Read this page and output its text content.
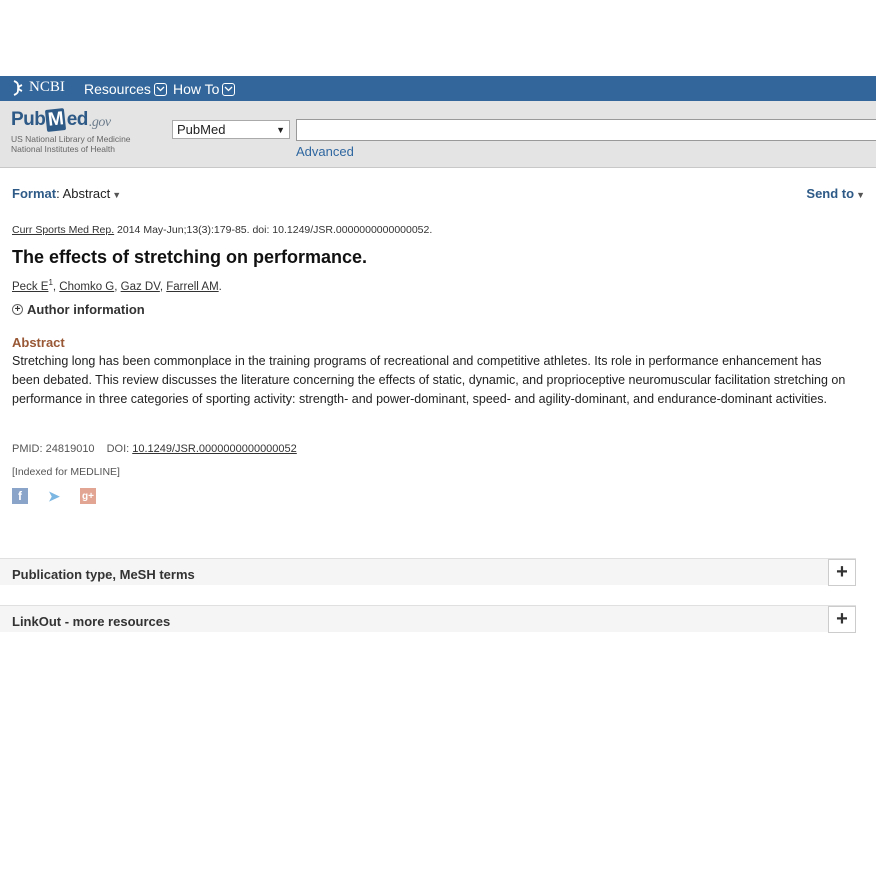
NCBI Resources How To
Pub M ed .gov
US National Library of Medicine
National Institutes of Health
PubMed	▼
Advanced
Format: Abstract ▼	Send to ▼
Curr Sports Med Rep. 2014 May-Jun;13(3):179-85. doi: 10.1249/JSR.0000000000000052.
The effects of stretching on performance.
Peck $E^1$, Chomko G, Gaz DV, Farrell AM.
+ Author information
Abstract

Stretching long has been commonplace in the training programs of recreational and competitive athletes. Its role in performance enhancement has been debated. This review discusses the literature concerning the effects of static, dynamic, and proprioceptive neuromuscular facilitation stretching on performance in three categories of sporting activity: strength- and power-dominant, speed- and agility-dominant, and endurance-dominant activities.

PMID: 24819010 DOI: 10.1249/JSR.0000000000000052
[Indexed for MEDLINE]
f	➤ g+
Publication type, MeSH terms	+
LinkOut - more resources	+
